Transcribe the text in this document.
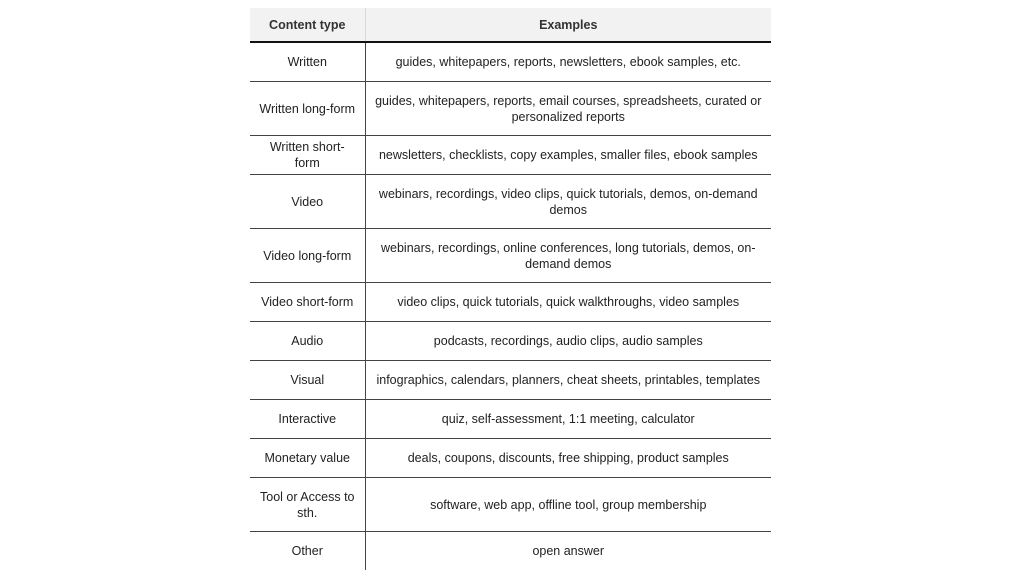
Content type	Examples
Written	guides, whitepapers, reports, newsletters, ebook samples, etc.
Written long-form	guides, whitepapers, reports, email courses, spreadsheets, curated or personalized reports
Written short-form	newsletters, checklists, copy examples, smaller files, ebook samples
Video	webinars, recordings, video clips, quick tutorials, demos, on-demand demos
Video long-form	webinars, recordings, online conferences, long tutorials, demos, on-demand demos
Video short-form	video clips, quick tutorials, quick walkthroughs, video samples
Audio	podcasts, recordings, audio clips, audio samples
Visual	infographics, calendars, planners, cheat sheets, printables, templates
Interactive	quiz, self-assessment, 1:1 meeting, calculator
Monetary value	deals, coupons, discounts, free shipping, product samples
Tool or Access to sth.	software, web app, offline tool, group membership
Other	open answer
